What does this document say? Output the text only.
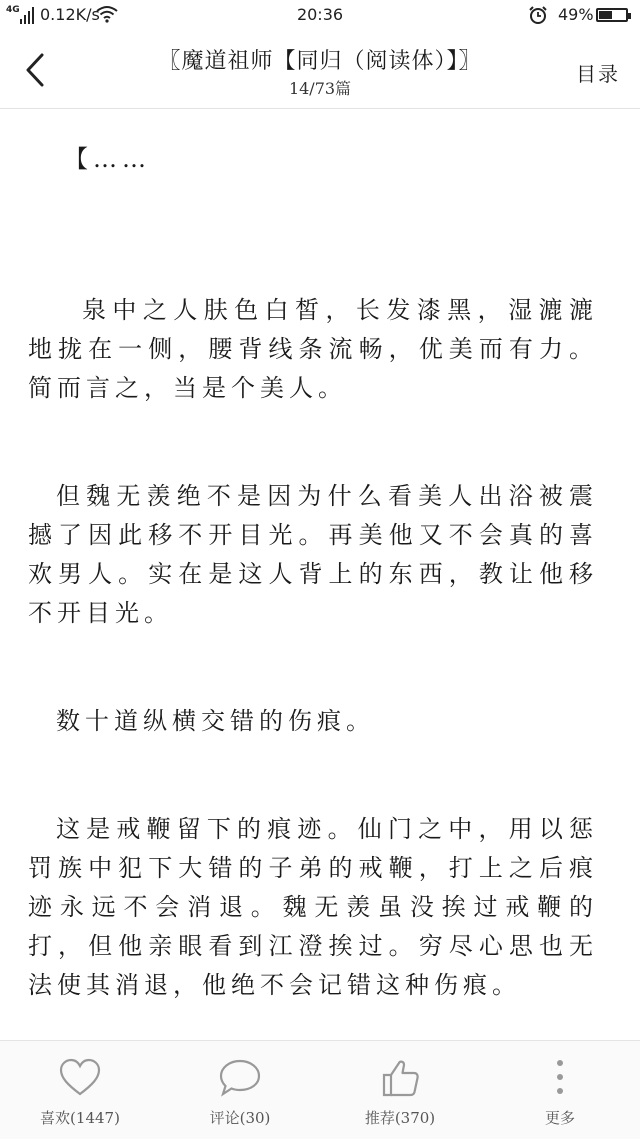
4G 0.12K/s	20:36	49%
〖魔道祖师【同归（阅读体）】〗
14/73篇
目录

【……

泉中之人肤色白皙，长发漆黑，湿漉漉地拢在一侧，腰背线条流畅，优美而有力。简而言之，当是个美人。

但魏无羡绝不是因为什么看美人出浴被震撼了因此移不开目光。再美他又不会真的喜欢男人。实在是这人背上的东西，教让他移不开目光。

数十道纵横交错的伤痕。

这是戒鞭留下的痕迹。仙门之中，用以惩罚族中犯下大错的子弟的戒鞭，打上之后痕迹永远不会消退。魏无羡虽没挨过戒鞭的打，但他亲眼看到江澄挨过。穷尽心思也无法使其消退，他绝不会记错这种伤痕。

喜欢(1447)	评论(30)	推荐(370)	更多
